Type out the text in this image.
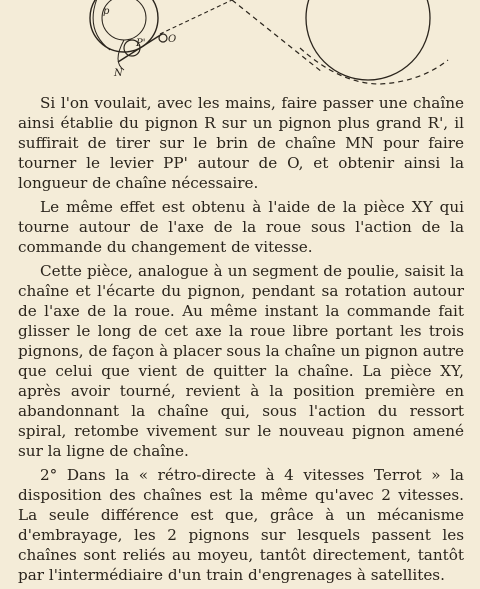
p
P' O
N

Si l'on voulait, avec les mains, faire passer une chaîne ainsi établie du pignon R sur un pignon plus grand R', il suffirait de tirer sur le brin de chaîne MN pour faire tourner le levier PP' autour de O, et obtenir ainsi la longueur de chaîne nécessaire.

Le même effet est obtenu à l'aide de la pièce XY qui tourne autour de l'axe de la roue sous l'action de la commande du changement de vitesse.

Cette pièce, analogue à un segment de poulie, saisit la chaîne et l'écarte du pignon, pendant sa rotation autour de l'axe de la roue. Au même instant la commande fait glisser le long de cet axe la roue libre portant les trois pignons, de façon à placer sous la chaîne un pignon autre que celui que vient de quitter la chaîne. La pièce XY, après avoir tourné, revient à la position première en abandonnant la chaîne qui, sous l'action du ressort spiral, retombe vivement sur le nouveau pignon amené sur la ligne de chaîne.

2° Dans la « rétro-directe à 4 vitesses Terrot » la disposition des chaînes est la même qu'avec 2 vitesses. La seule différence est que, grâce à un mécanisme d'embrayage, les 2 pignons sur lesquels passent les chaînes sont reliés au moyeu, tantôt directement, tantôt par l'intermédiaire d'un train d'engrenages à satellites.
